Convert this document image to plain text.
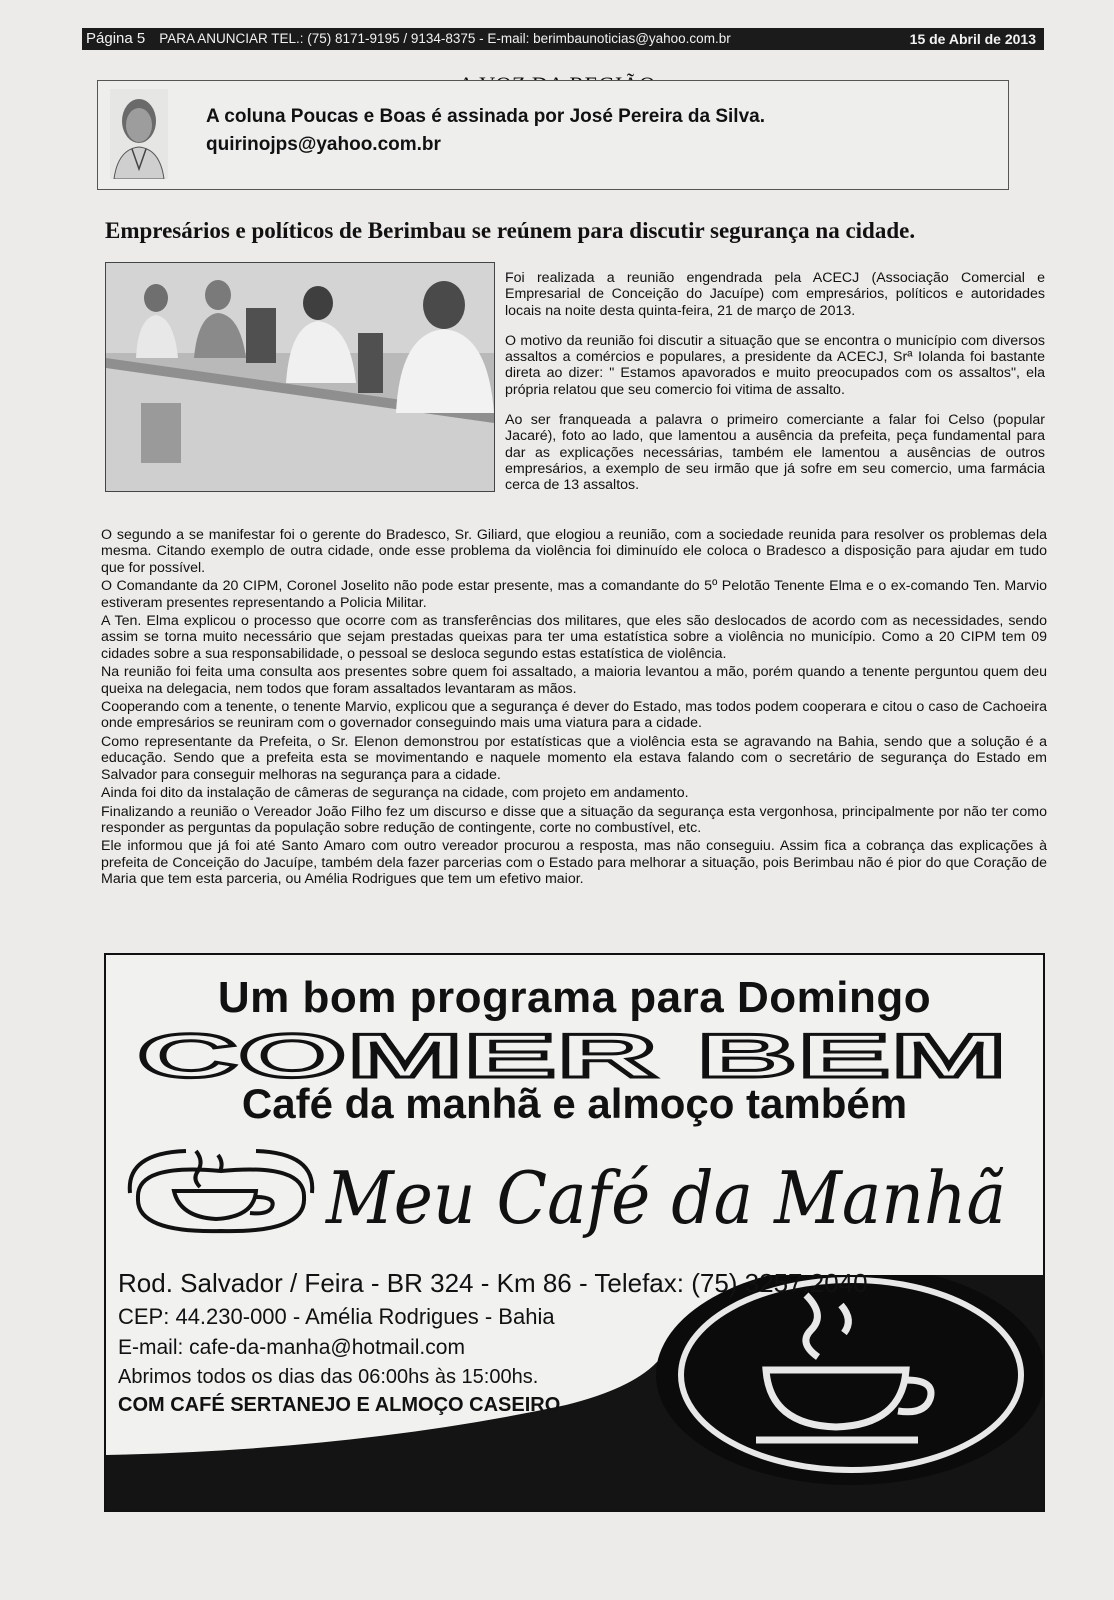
Página 5	PARA ANUNCIAR TEL.: (75) 8171-9195 / 9134-8375 - E-mail: berimbaunoticias@yahoo.com.br	15 de Abril de 2013
A coluna Poucas e Boas é assinada por José Pereira da Silva.
quirinojps@yahoo.com.br
Empresários e políticos de Berimbau se reúnem para discutir segurança na cidade.

Foi realizada a reunião engendrada pela ACECJ (Associação Comercial e Empresarial de Conceição do Jacuípe) com empresários, políticos e autoridades locais na noite desta quinta-feira, 21 de março de 2013.

O motivo da reunião foi discutir a situação que se encontra o município com diversos assaltos a comércios e populares, a presidente da ACECJ, Srª Iolanda foi bastante direta ao dizer: " Estamos apavorados e muito preocupados com os assaltos", ela própria relatou que seu comercio foi vitima de assalto.

Ao ser franqueada a palavra o primeiro comerciante a falar foi Celso (popular Jacaré), foto ao lado, que lamentou a ausência da prefeita, peça fundamental para dar as explicações necessárias, também ele lamentou a ausências de outros empresários, a exemplo de seu irmão que já sofre em seu comercio, uma farmácia cerca de 13 assaltos.

O segundo a se manifestar foi o gerente do Bradesco, Sr. Giliard, que elogiou a reunião, com a sociedade reunida para resolver os problemas dela mesma. Citando exemplo de outra cidade, onde esse problema da violência foi diminuído ele coloca o Bradesco a disposição para ajudar em tudo que for possível.

O Comandante da 20 CIPM, Coronel Joselito não pode estar presente, mas a comandante do 5º Pelotão Tenente Elma e o ex-comando Ten. Marvio estiveram presentes representando a Policia Militar.

A Ten. Elma explicou o processo que ocorre com as transferências dos militares, que eles são deslocados de acordo com as necessidades, sendo assim se torna muito necessário que sejam prestadas queixas para ter uma estatística sobre a violência no município. Como a 20 CIPM tem 09 cidades sobre a sua responsabilidade, o pessoal se desloca segundo estas estatística de violência.

Na reunião foi feita uma consulta aos presentes sobre quem foi assaltado, a maioria levantou a mão, porém quando a tenente perguntou quem deu queixa na delegacia, nem todos que foram assaltados levantaram as mãos.

Cooperando com a tenente, o tenente Marvio, explicou que a segurança é dever do Estado, mas todos podem cooperara e citou o caso de Cachoeira onde empresários se reuniram com o governador conseguindo mais uma viatura para a cidade.

Como representante da Prefeita, o Sr. Elenon demonstrou por estatísticas que a violência esta se agravando na Bahia, sendo que a solução é a educação. Sendo que a prefeita esta se movimentando e naquele momento ela estava falando com o secretário de segurança do Estado em Salvador para conseguir melhoras na segurança para a cidade.

Ainda foi dito da instalação de câmeras de segurança na cidade, com projeto em andamento.

Finalizando a reunião o Vereador João Filho fez um discurso e disse que a situação da segurança esta vergonhosa, principalmente por não ter como responder as perguntas da população sobre redução de contingente, corte no combustível, etc.

Ele informou que já foi até Santo Amaro com outro vereador procurou a resposta, mas não conseguiu. Assim fica a cobrança das explicações à prefeita de Conceição do Jacuípe, também dela fazer parcerias com o Estado para melhorar a situação, pois Berimbau não é pior do que Coração de Maria que tem esta parceria, ou Amélia Rodrigues que tem um efetivo maior.

Um bom programa para Domingo
COMER BEM
Café da manhã e almoço também
Meu Café da Manhã
Rod. Salvador / Feira - BR 324 - Km 86 - Telefax: (75) 3257.2040
CEP: 44.230-000 - Amélia Rodrigues - Bahia
E-mail: cafe-da-manha@hotmail.com
Abrimos todos os dias das 06:00hs às 15:00hs.
COM CAFÉ SERTANEJO E ALMOÇO CASEIRO
